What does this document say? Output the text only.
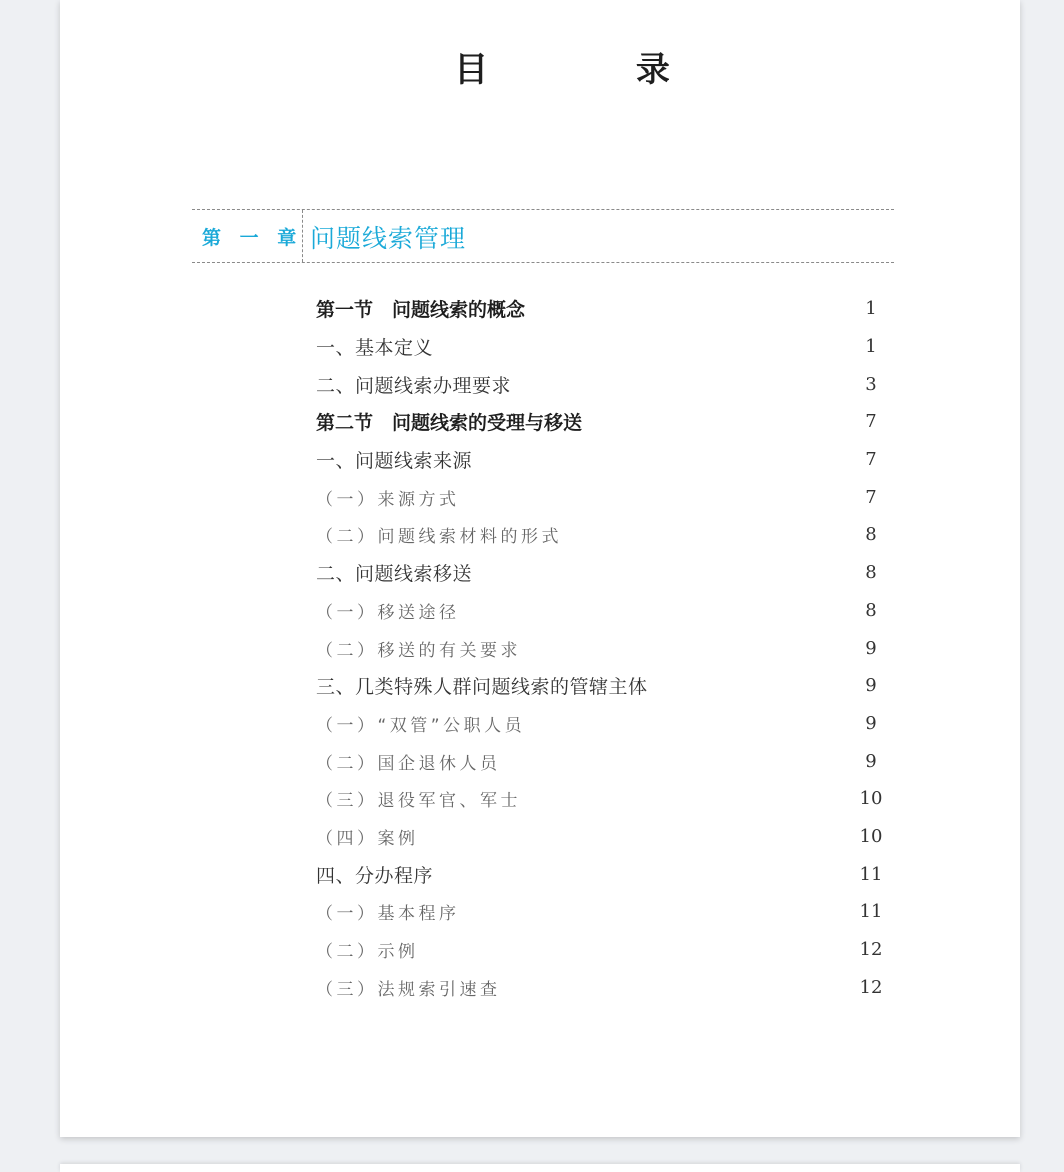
目 录
第 一 章 问题线索管理
第一节　问题线索的概念	1
一、基本定义	1
二、问题线索办理要求	3
第二节　问题线索的受理与移送	7
一、问题线索来源	7
（一）来源方式	7
（二）问题线索材料的形式	8
二、问题线索移送	8
（一）移送途径	8
（二）移送的有关要求	9
三、几类特殊人群问题线索的管辖主体	9
（一）“双管”公职人员	9
（二）国企退休人员	9
（三）退役军官、军士	10
（四）案例	10
四、分办程序	11
（一）基本程序	11
（二）示例	12
（三）法规索引速查	12
